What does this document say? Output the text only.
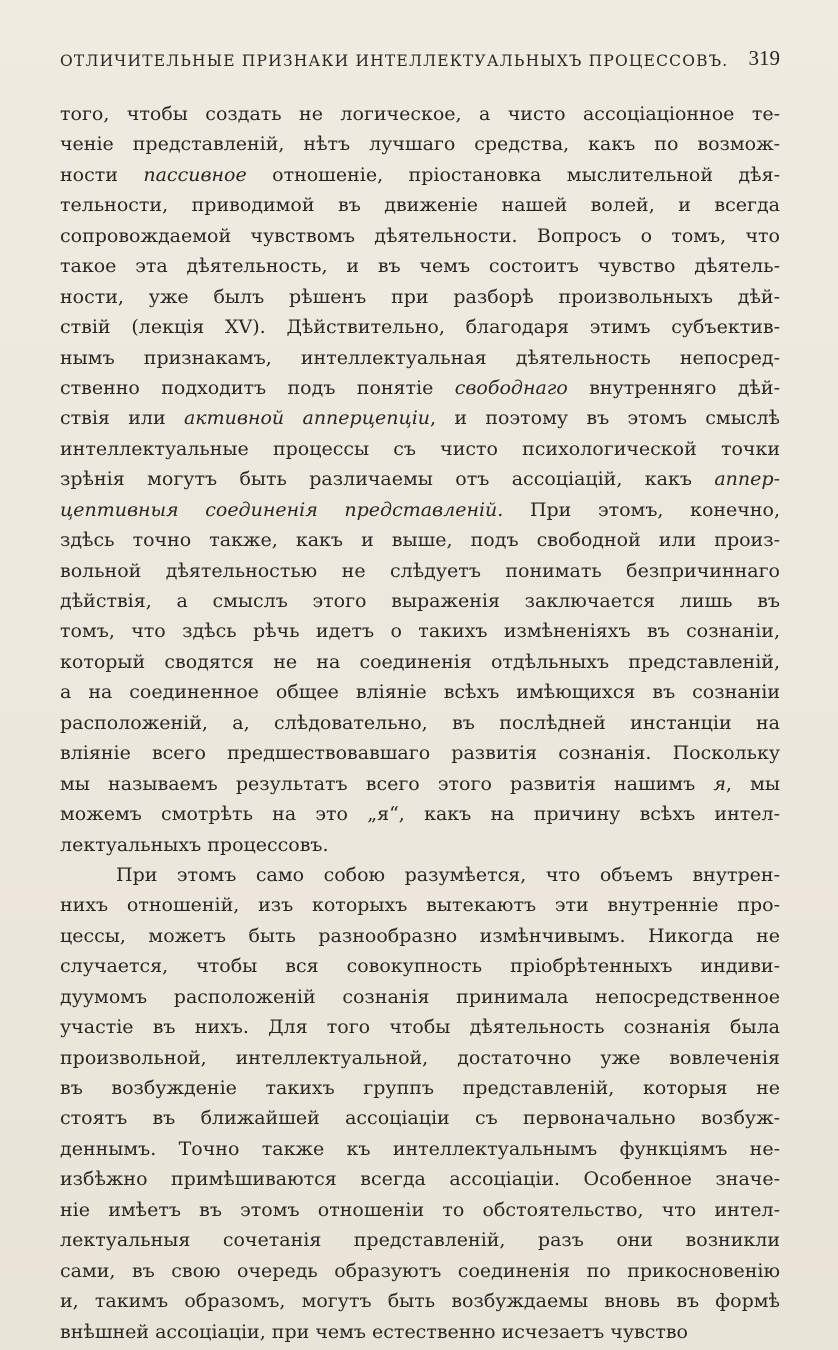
ОТЛИЧИТЕЛЬНЫЕ ПРИЗНАКИ ИНТЕЛЛЕКТУАЛЬНЫХЪ ПРОЦЕССОВЪ. 319
того, чтобы создать не логическое, а чисто ассоціаціонное те-
ченіе представленій, нѣтъ лучшаго средства, какъ по возмож-
ности пассивное отношеніе, пріостановка мыслительной дѣя-
тельности, приводимой въ движеніе нашей волей, и всегда
сопровождаемой чувствомъ дѣятельности. Вопросъ о томъ, что
такое эта дѣятельность, и въ чемъ состоитъ чувство дѣятель-
ности, уже былъ рѣшенъ при разборѣ произвольныхъ дѣй-
ствій (лекція XV). Дѣйствительно, благодаря этимъ субъектив-
нымъ признакамъ, интеллектуальная дѣятельность непосред-
ственно подходитъ подъ понятіе свободнаго внутренняго дѣй-
ствія или активной апперцепціи, и поэтому въ этомъ смыслѣ
интеллектуальные процессы съ чисто психологической точки
зрѣнія могутъ быть различаемы отъ ассоціацій, какъ аппер-
цептивныя соединенія представленій. При этомъ, конечно,
здѣсь точно также, какъ и выше, подъ свободной или произ-
вольной дѣятельностью не слѣдуетъ понимать безпричиннаго
дѣйствія, а смыслъ этого выраженія заключается лишь въ
томъ, что здѣсь рѣчь идетъ о такихъ измѣненіяхъ въ сознаніи,
который сводятся не на соединенія отдѣльныхъ представленій,
а на соединенное общее вліяніе всѣхъ имѣющихся въ сознаніи
расположеній, а, слѣдовательно, въ послѣдней инстанціи на
вліяніе всего предшествовавшаго развитія сознанія. Поскольку
мы называемъ результатъ всего этого развитія нашимъ я, мы
можемъ смотрѣть на это „я“, какъ на причину всѣхъ интел-
лектуальныхъ процессовъ.
При этомъ само собою разумѣется, что объемъ внутрен-
нихъ отношеній, изъ которыхъ вытекаютъ эти внутренніе про-
цессы, можетъ быть разнообразно измѣнчивымъ. Никогда не
случается, чтобы вся совокупность пріобрѣтенныхъ индиви-
дуумомъ расположеній сознанія принимала непосредственное
участіе въ нихъ. Для того чтобы дѣятельность сознанія была
произвольной, интеллектуальной, достаточно уже вовлеченія
въ возбужденіе такихъ группъ представленій, которыя не
стоятъ въ ближайшей ассоціаціи съ первоначально возбуж-
деннымъ. Точно также къ интеллектуальнымъ функціямъ не-
избѣжно примѣшиваются всегда ассоціаціи. Особенное значе-
ніе имѣетъ въ этомъ отношеніи то обстоятельство, что интел-
лектуальныя сочетанія представленій, разъ они возникли
сами, въ свою очередь образуютъ соединенія по прикосновенію
и, такимъ образомъ, могутъ быть возбуждаемы вновь въ формѣ
внѣшней ассоціаціи, при чемъ естественно исчезаетъ чувство
